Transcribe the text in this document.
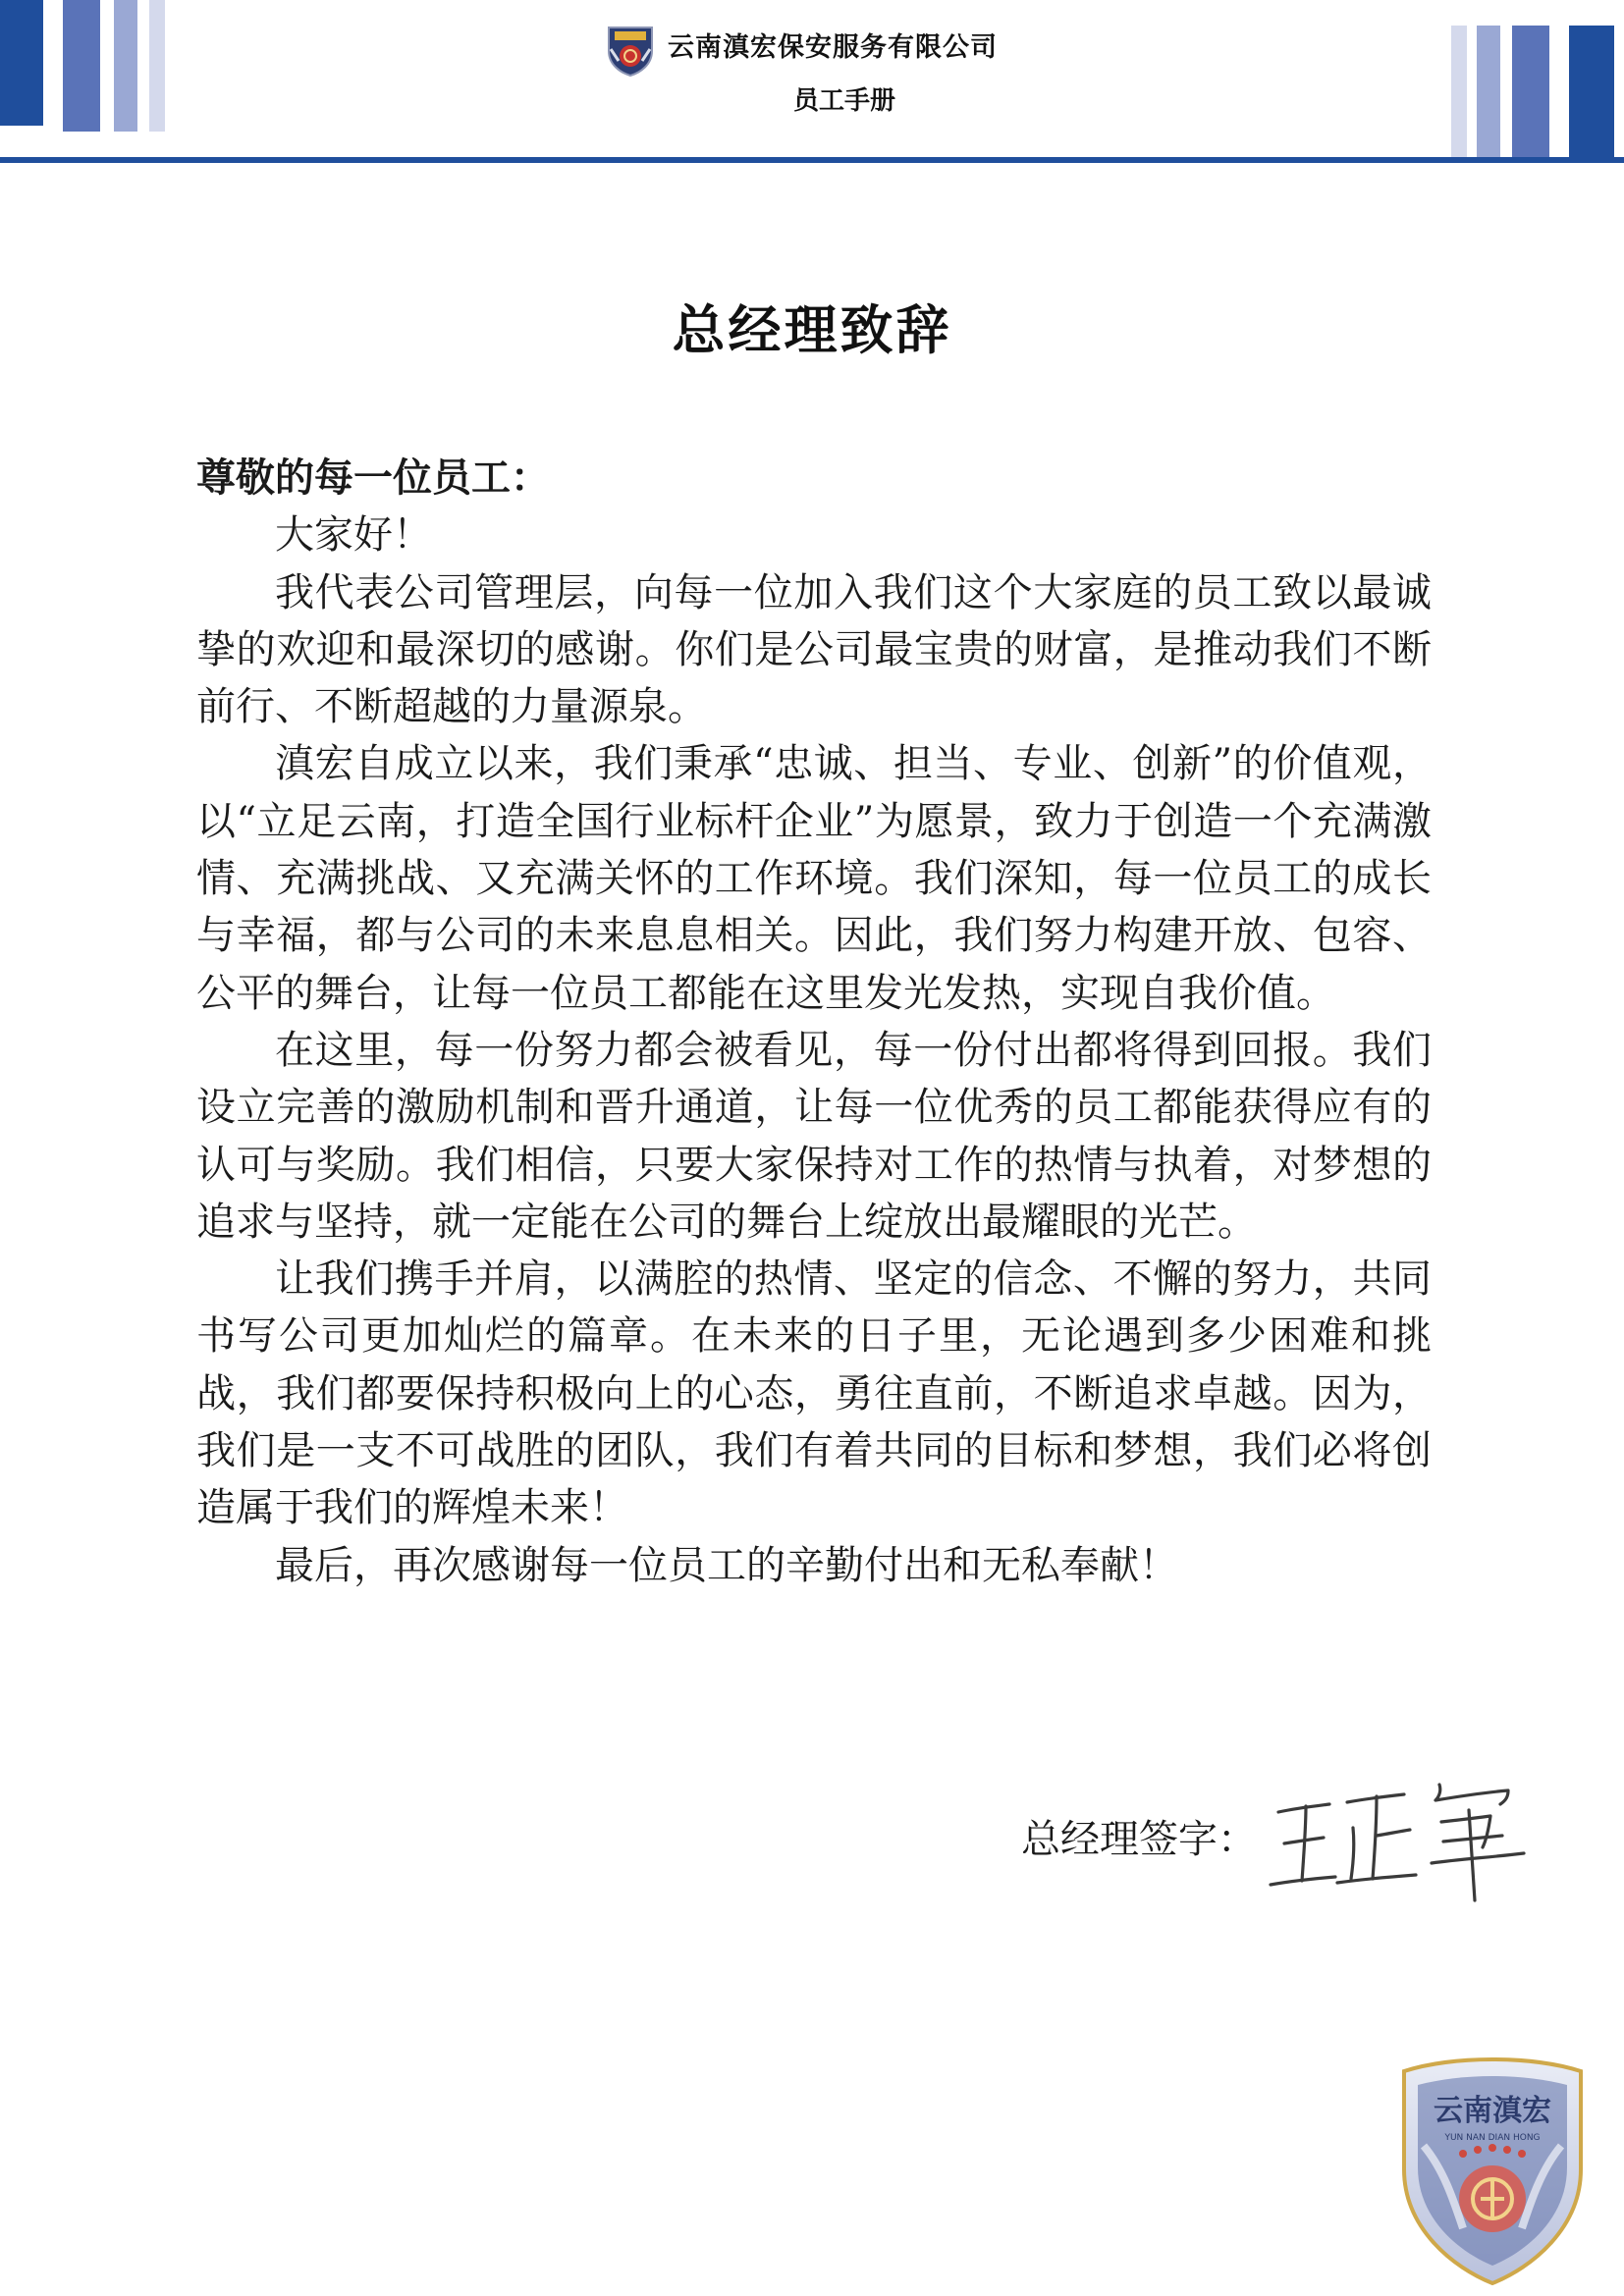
云南滇宏保安服务有限公司
员工手册
总经理致辞
尊敬的每一位员工：

大家好！

我代表公司管理层，向每一位加入我们这个大家庭的员工致以最诚挚的欢迎和最深切的感谢。你们是公司最宝贵的财富，是推动我们不断前行、不断超越的力量源泉。

滇宏自成立以来，我们秉承“忠诚、担当、专业、创新”的价值观，以“立足云南，打造全国行业标杆企业”为愿景，致力于创造一个充满激情、充满挑战、又充满关怀的工作环境。我们深知，每一位员工的成长与幸福，都与公司的未来息息相关。因此，我们努力构建开放、包容、公平的舞台，让每一位员工都能在这里发光发热，实现自我价值。

在这里，每一份努力都会被看见，每一份付出都将得到回报。我们设立完善的激励机制和晋升通道，让每一位优秀的员工都能获得应有的认可与奖励。我们相信，只要大家保持对工作的热情与执着，对梦想的追求与坚持，就一定能在公司的舞台上绽放出最耀眼的光芒。

让我们携手并肩，以满腔的热情、坚定的信念、不懈的努力，共同书写公司更加灿烂的篇章。在未来的日子里，无论遇到多少困难和挑战，我们都要保持积极向上的心态，勇往直前，不断追求卓越。因为，我们是一支不可战胜的团队，我们有着共同的目标和梦想，我们必将创造属于我们的辉煌未来！

最后，再次感谢每一位员工的辛勤付出和无私奉献！

总经理签字：
云南滇宏
YUN NAN DIAN HONG
